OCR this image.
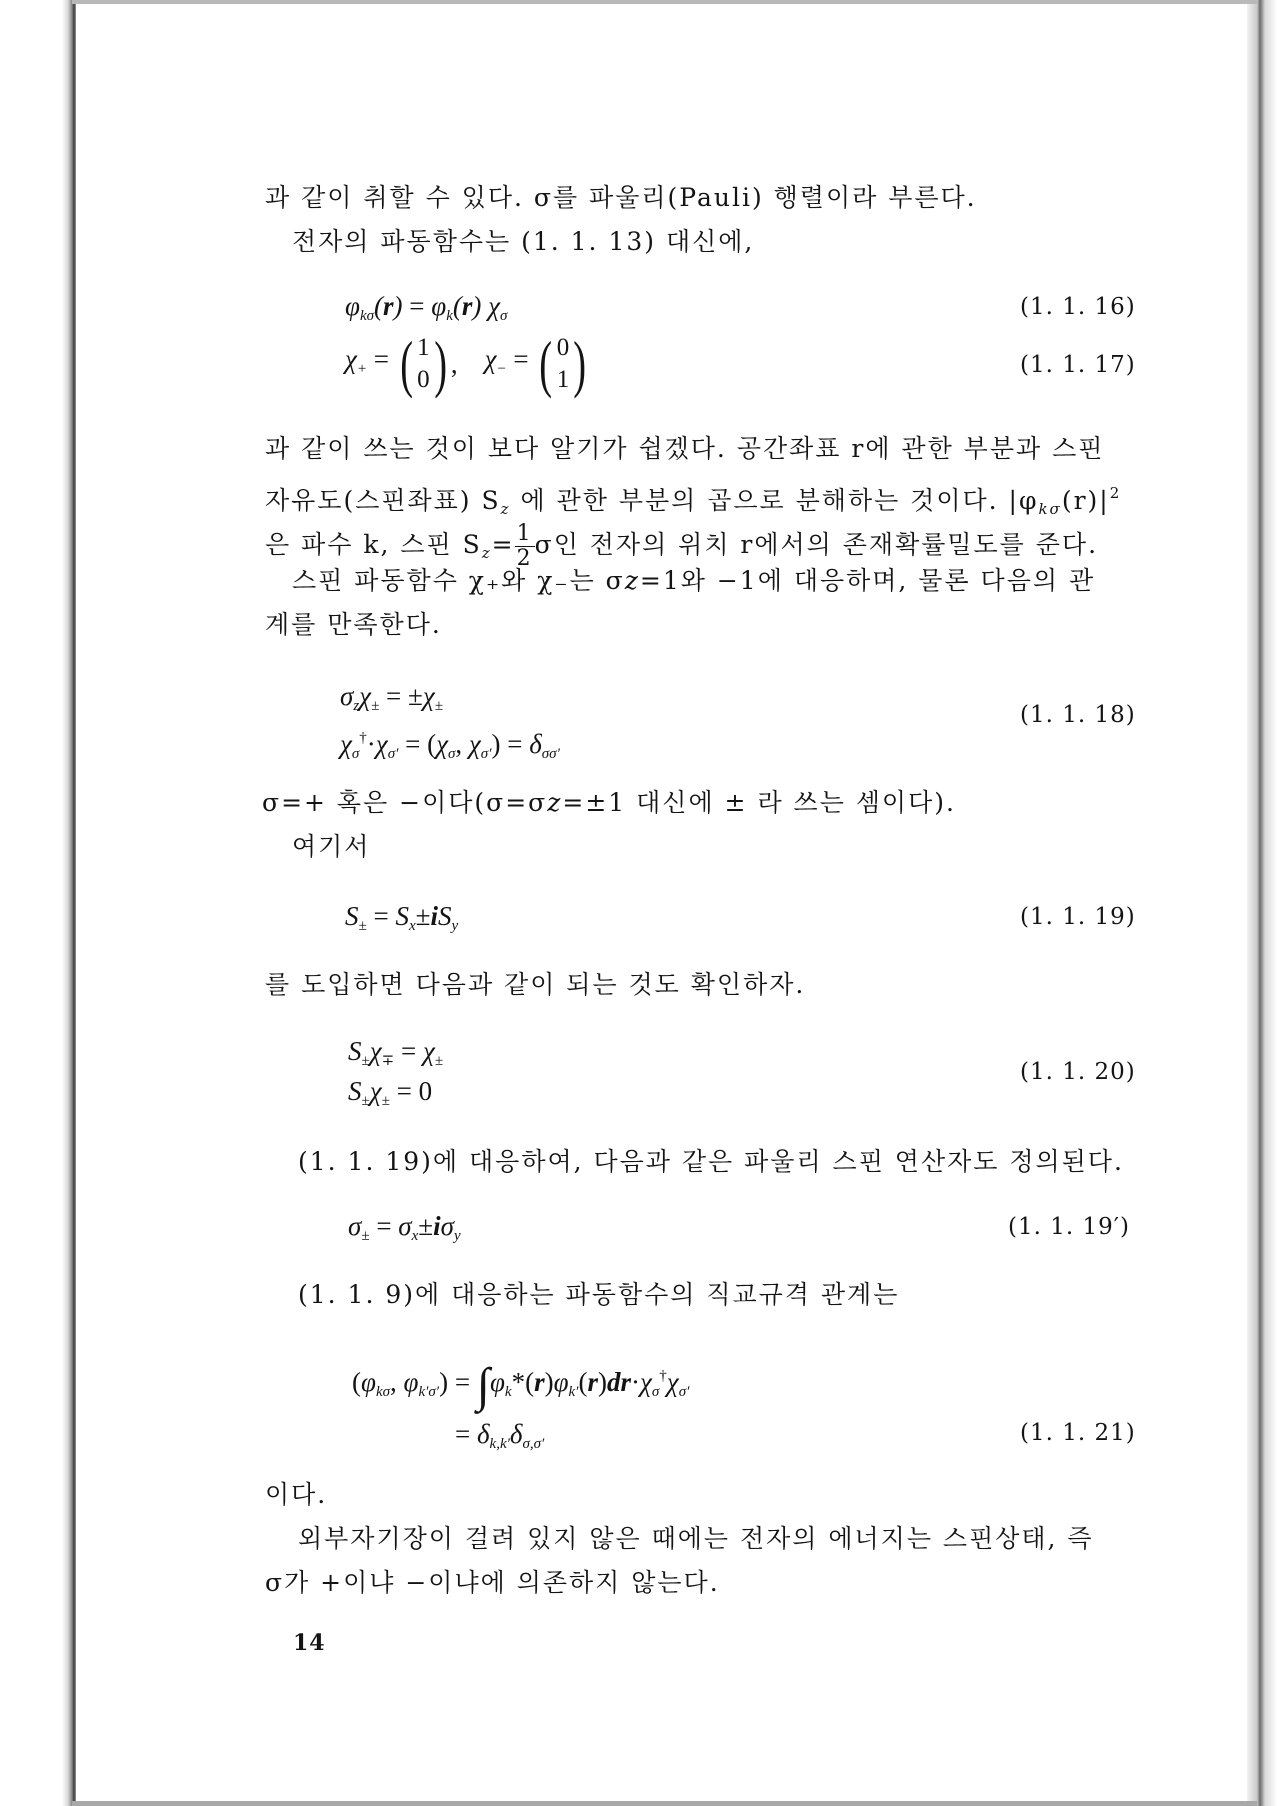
과 같이 취할 수 있다. σ를 파울리(Pauli) 행렬이라 부른다.
전자의 파동함수는 (1. 1. 13) 대신에,
$\varphi_{k\sigma}(r) = \varphi_k(r)$ $\chi_\sigma$	(1. 1. 16)
$\chi_+$ = ( 1
0) ,    $\chi_-$ = ( 0
1)	(1. 1. 17)
과 같이 쓰는 것이 보다 알기가 쉽겠다. 공간좌표 r에 관한 부분과 스핀
자유도(스핀좌표) $S_z$ 에 관한 부분의 곱으로 분해하는 것이다. $|\varphi_{k\sigma}(r)|^2$
은 파수 k, 스핀 $S_z= \frac{1}{2}$ σ인 전자의 위치 r에서의 존재확률밀도를 준다.
스핀 파동함수 χ₊와 χ₋는 σ𝑧=1와 −1에 대응하며, 물론 다음의 관
계를 만족한다.
$\sigma_z\chi_\pm = \pm\chi_\pm$
$\chi_\sigma^\dagger\cdot\chi_{\sigma'} = (\chi_\sigma$, $\chi_{\sigma'}) = \delta_{\sigma\sigma'}$
(1. 1. 18)
σ=+ 혹은 −이다(σ=σ𝑧=±1 대신에 ± 라 쓰는 셈이다).
여기서
$S_\pm = S_x\pm iS_y$	(1. 1. 19)
를 도입하면 다음과 같이 되는 것도 확인하자.
$S_\pm\chi_\mp = \chi_\pm$
$S_\pm\chi_\pm = 0$
(1. 1. 20)
(1. 1. 19)에 대응하여, 다음과 같은 파울리 스핀 연산자도 정의된다.
$\sigma_\pm = \sigma_x\pm i\sigma_y$	(1. 1. 19′)
(1. 1. 9)에 대응하는 파동함수의 직교규격 관계는
($\varphi_{k\sigma}$, $\varphi_{k'\sigma'}) = \int\varphi_k*(r)\varphi_{k'}(r)dr\cdot\chi_\sigma^\dagger\chi_{\sigma'}$
= $\delta_{k,k'}\delta_{\sigma,\sigma'}$	(1. 1. 21)
이다.
외부자기장이 걸려 있지 않은 때에는 전자의 에너지는 스핀상태, 즉
σ가 +이냐 −이냐에 의존하지 않는다.
14
